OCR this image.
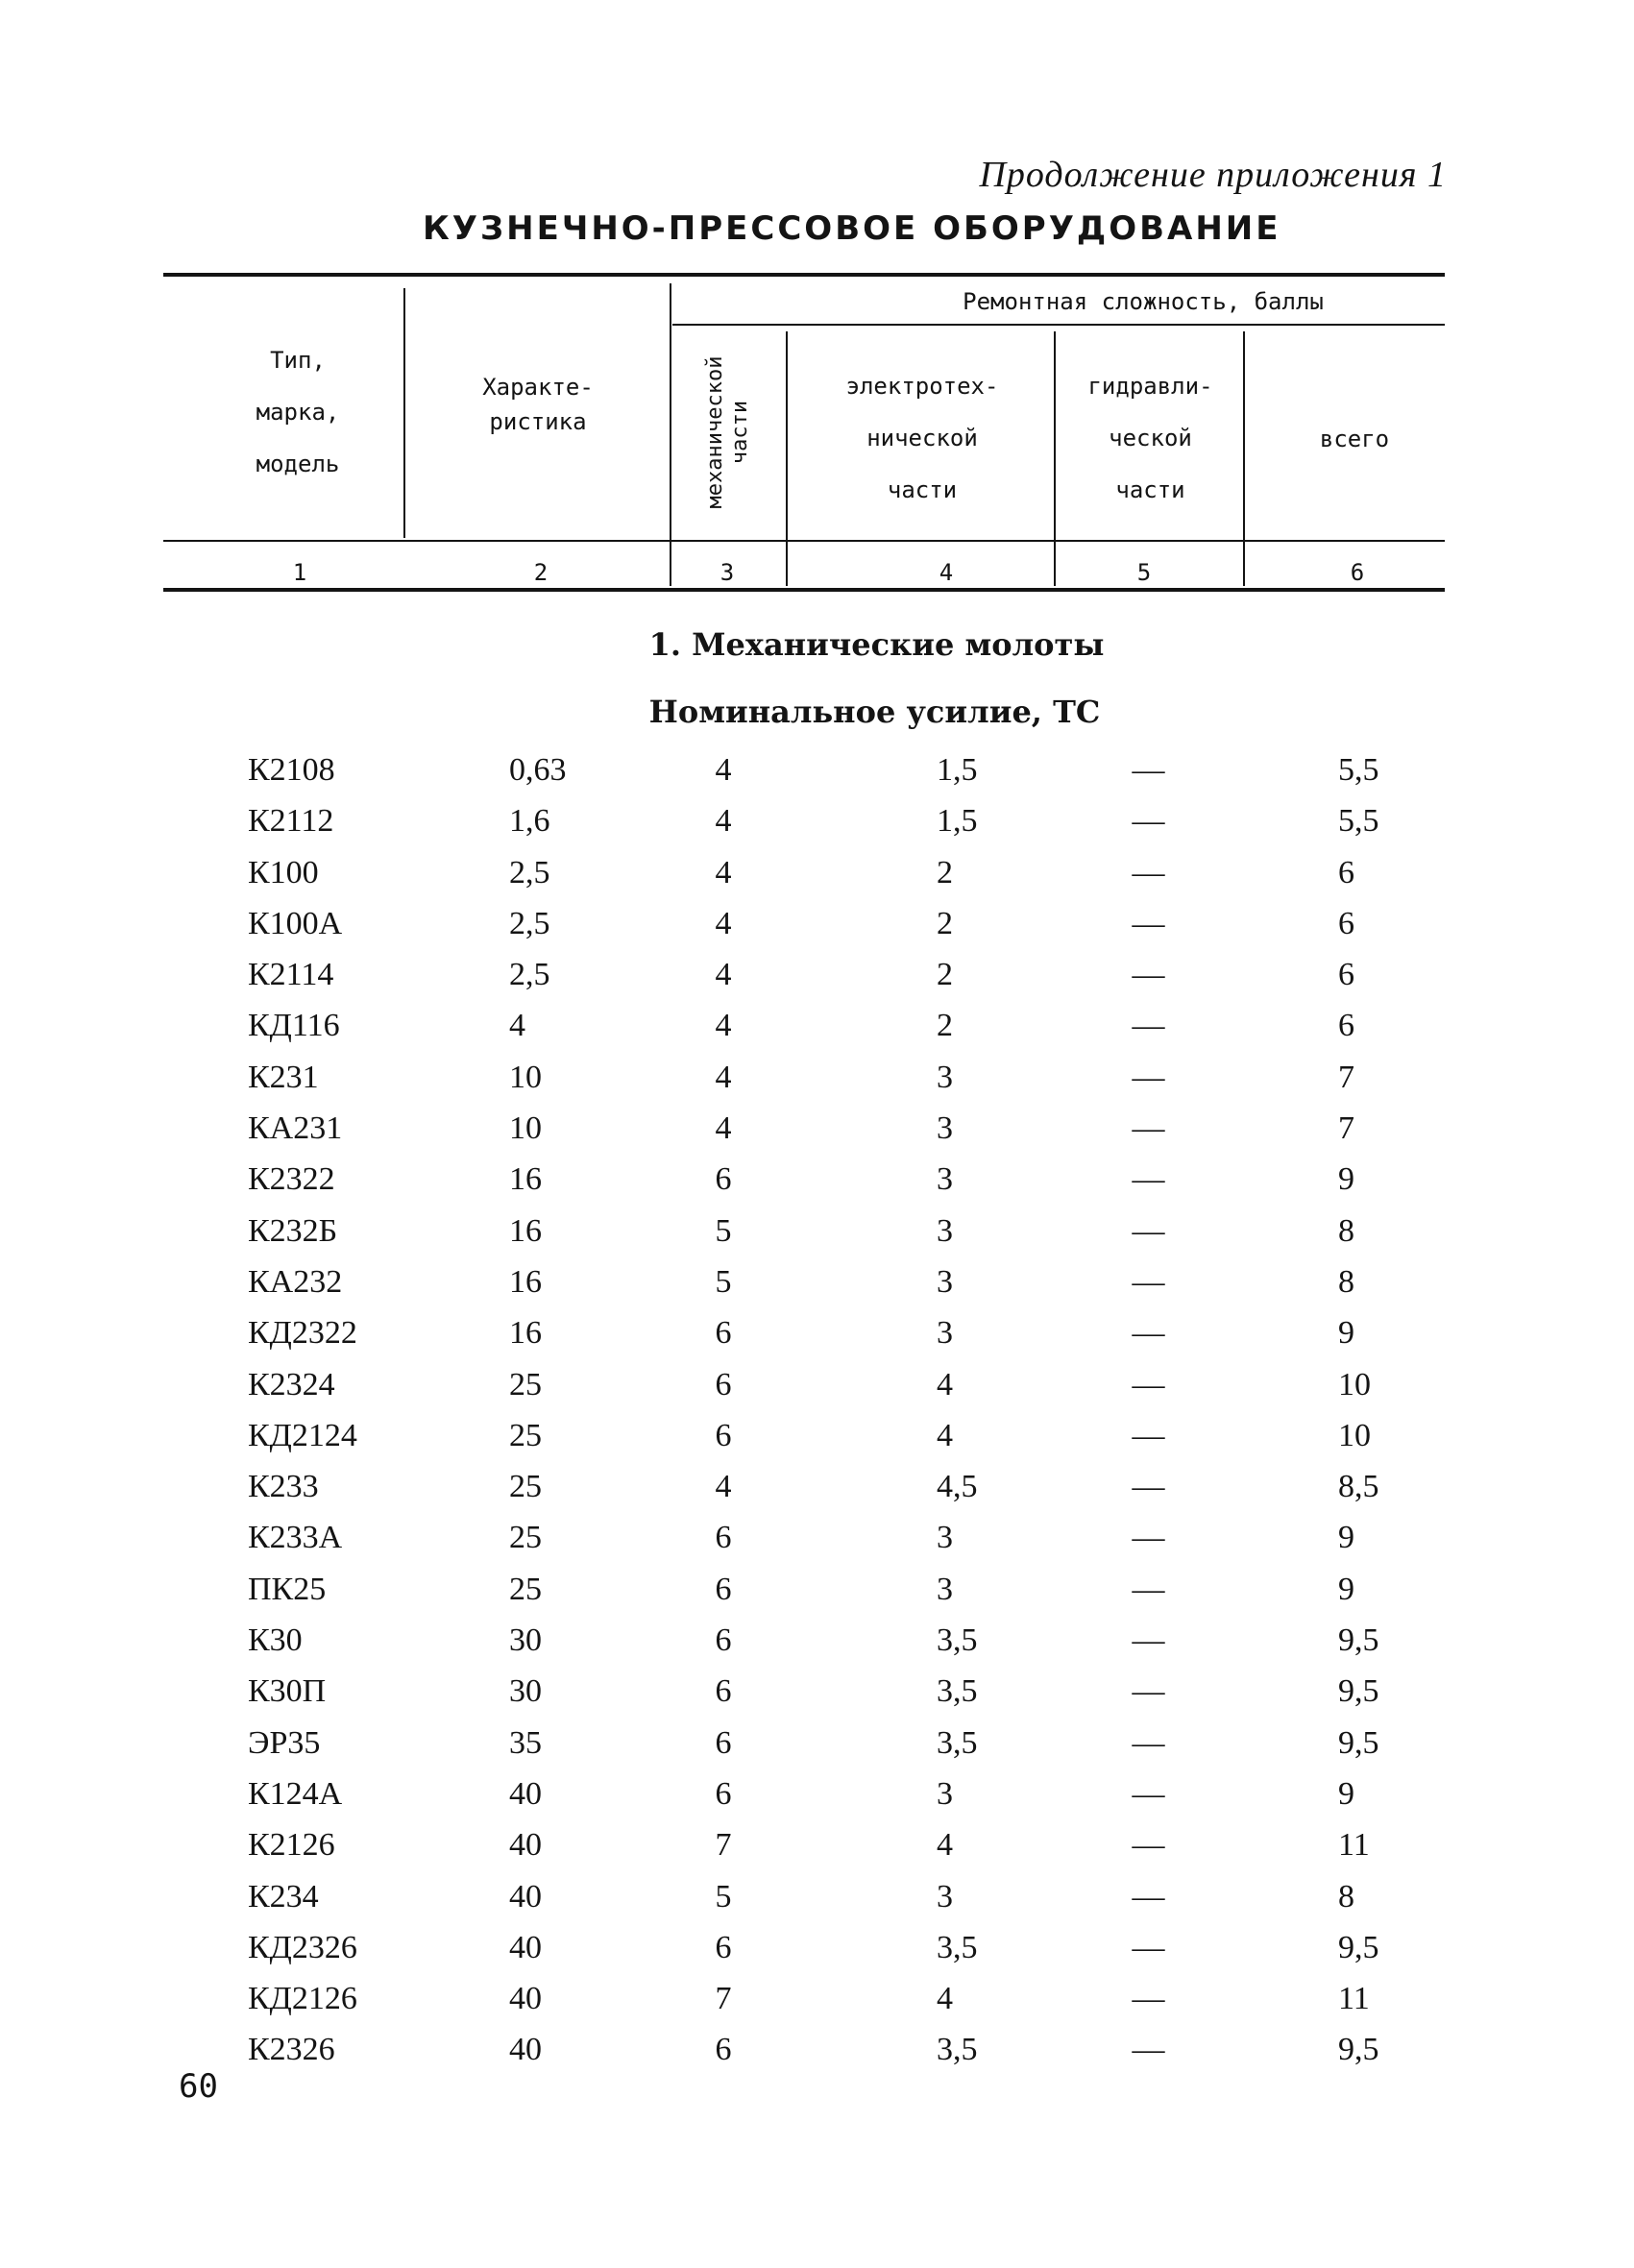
Продолжение приложения 1
КУЗНЕЧНО-ПРЕССОВОЕ ОБОРУДОВАНИЕ
Тип,
марка,
модель
Характе-
ристика
Ремонтная сложность, баллы
механической части
электротех-
нической
части
гидравли-
ческой
части
всего
1	2	3	4	5	6
1. Механические молоты
Номинальное усилие, ТС
К2108	0,63	4	1,5	—	5,5
К2112	1,6	4	1,5	—	5,5
К100	2,5	4	2	—	6
К100А	2,5	4	2	—	6
К2114	2,5	4	2	—	6
КД116	4	4	2	—	6
К231	10	4	3	—	7
КА231	10	4	3	—	7
К2322	16	6	3	—	9
К232Б	16	5	3	—	8
КА232	16	5	3	—	8
КД2322	16	6	3	—	9
К2324	25	6	4	—	10
КД2124	25	6	4	—	10
К233	25	4	4,5	—	8,5
К233А	25	6	3	—	9
ПК25	25	6	3	—	9
К30	30	6	3,5	—	9,5
К30П	30	6	3,5	—	9,5
ЭР35	35	6	3,5	—	9,5
К124А	40	6	3	—	9
К2126	40	7	4	—	11
К234	40	5	3	—	8
КД2326	40	6	3,5	—	9,5
КД2126	40	7	4	—	11
К2326	40	6	3,5	—	9,5
60
